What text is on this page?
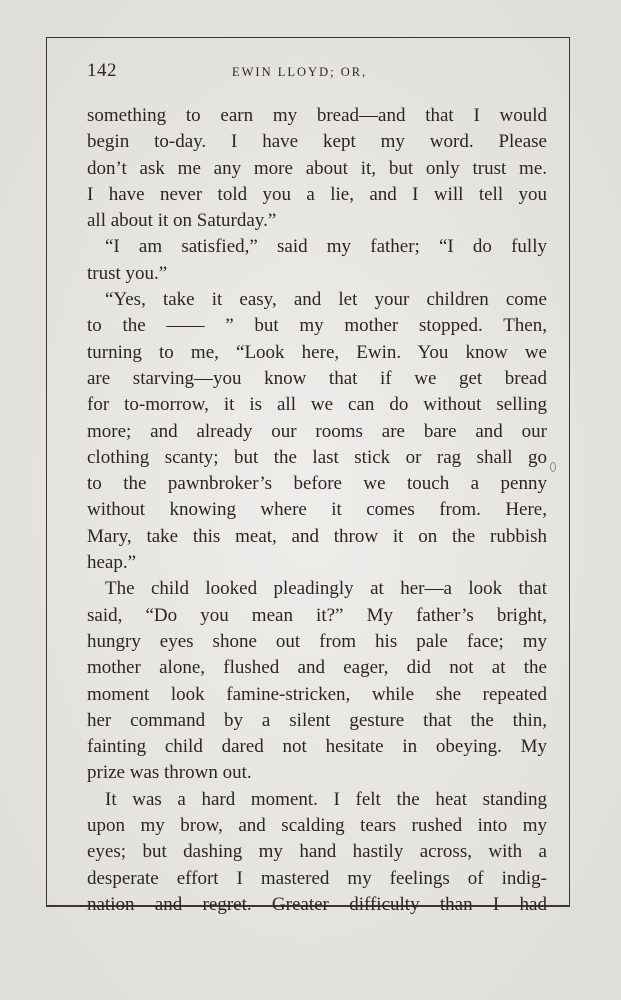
142	EWIN LLOYD; OR,
something to earn my bread—and that I would
begin to-day. I have kept my word. Please
don’t ask me any more about it, but only trust me.
I have never told you a lie, and I will tell you
all about it on Saturday.”
“I am satisfied,” said my father; “I do fully
trust you.”
“Yes, take it easy, and let your children come
to the —— ” but my mother stopped. Then,
turning to me, “Look here, Ewin. You know we
are starving—you know that if we get bread
for to-morrow, it is all we can do without selling
more; and already our rooms are bare and our
clothing scanty; but the last stick or rag shall go
to the pawnbroker’s before we touch a penny
without knowing where it comes from. Here,
Mary, take this meat, and throw it on the rubbish
heap.”
The child looked pleadingly at her—a look that
said, “Do you mean it?” My father’s bright,
hungry eyes shone out from his pale face; my
mother alone, flushed and eager, did not at the
moment look famine-stricken, while she repeated
her command by a silent gesture that the thin,
fainting child dared not hesitate in obeying. My
prize was thrown out.
It was a hard moment. I felt the heat standing
upon my brow, and scalding tears rushed into my
eyes; but dashing my hand hastily across, with a
desperate effort I mastered my feelings of indig-
nation and regret. Greater difficulty than I had
